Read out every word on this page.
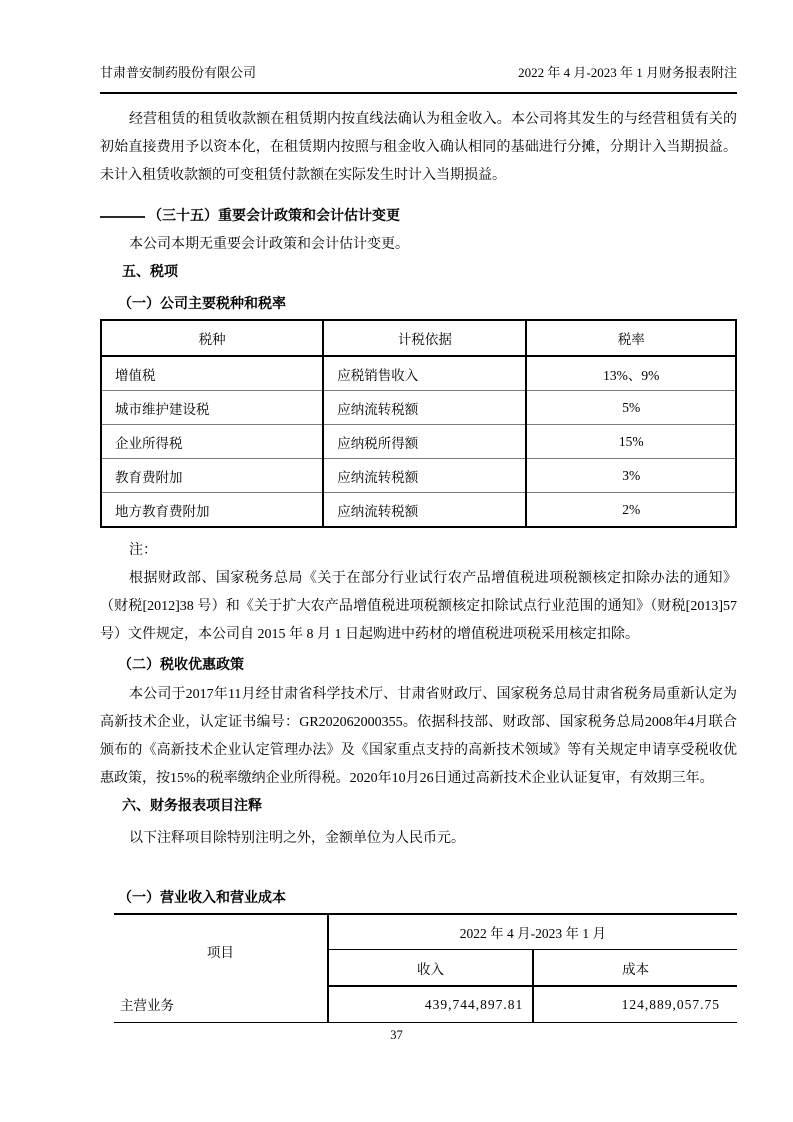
甘肃普安制药股份有限公司	2022 年 4 月-2023 年 1 月财务报表附注

经营租赁的租赁收款额在租赁期内按直线法确认为租金收入。本公司将其发生的与经营租赁有关的初始直接费用予以资本化，在租赁期内按照与租金收入确认相同的基础进行分摊，分期计入当期损益。未计入租赁收款额的可变租赁付款额在实际发生时计入当期损益。

（三十五）重要会计政策和会计估计变更

本公司本期无重要会计政策和会计估计变更。

五、税项
（一）公司主要税种和税率
税种	计税依据	税率
增值税	应税销售收入	13%、9%
城市维护建设税	应纳流转税额	5%
企业所得税	应纳税所得额	15%
教育费附加	应纳流转税额	3%
地方教育费附加	应纳流转税额	2%

注：

根据财政部、国家税务总局《关于在部分行业试行农产品增值税进项税额核定扣除办法的通知》（财税[2012]38 号）和《关于扩大农产品增值税进项税额核定扣除试点行业范围的通知》（财税[2013]57 号）文件规定，本公司自 2015 年 8 月 1 日起购进中药材的增值税进项税采用核定扣除。

（二）税收优惠政策

本公司于2017年11月经甘肃省科学技术厅、甘肃省财政厅、国家税务总局甘肃省税务局重新认定为高新技术企业，认定证书编号：GR202062000355。依据科技部、财政部、国家税务总局2008年4月联合颁布的《高新技术企业认定管理办法》及《国家重点支持的高新技术领域》等有关规定申请享受税收优惠政策，按15%的税率缴纳企业所得税。2020年10月26日通过高新技术企业认证复审，有效期三年。

六、财务报表项目注释

以下注释项目除特别注明之外，金额单位为人民币元。

（一）营业收入和营业成本
项目	2022 年 4 月-2023 年 1 月	
	收入	成本
主营业务	439,744,897.81	124,889,057.75
37
